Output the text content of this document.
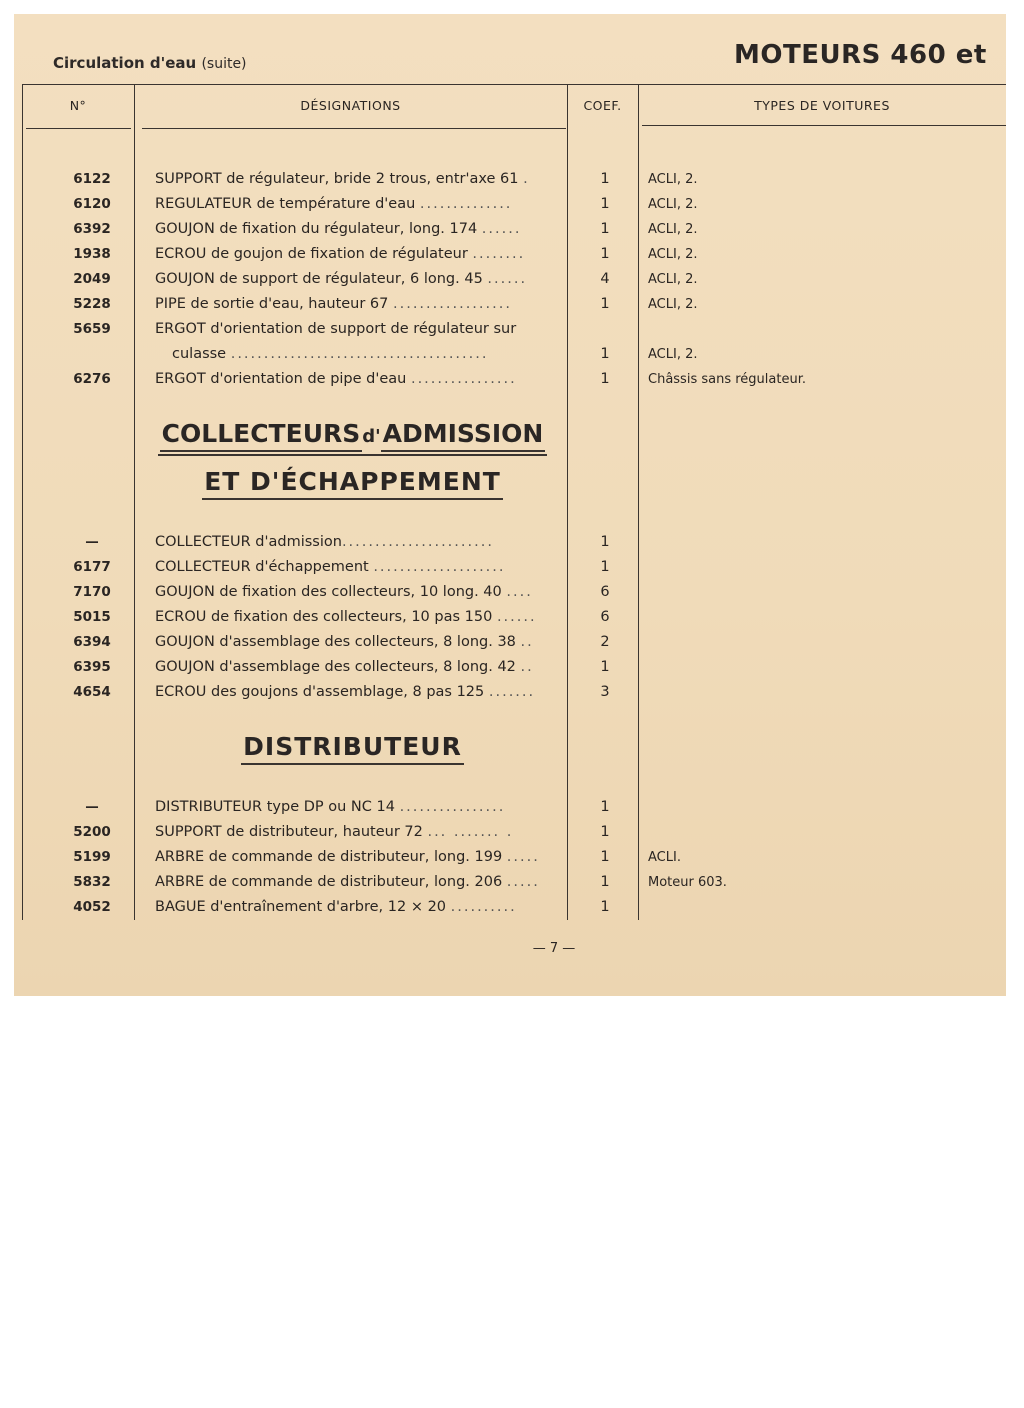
Circulation d'eau (suite)	MOTEURS 460 et
N°	DÉSIGNATIONS	COEF.	TYPES DE VOITURES
6122	SUPPORT de régulateur, bride 2 trous, entr'axe 61 .	1	ACLI, 2.
6120	REGULATEUR de température d'eau ..............	1	ACLI, 2.
6392	GOUJON de fixation du régulateur, long. 174 ......	1	ACLI, 2.
1938	ECROU de goujon de fixation de régulateur ........	1	ACLI, 2.
2049	GOUJON de support de régulateur, 6 long. 45 ......	4	ACLI, 2.
5228	PIPE de sortie d'eau, hauteur 67 ..................	1	ACLI, 2.
5659	ERGOT d'orientation de support de régulateur sur
culasse .......................................	1	ACLI, 2.
6276	ERGOT d'orientation de pipe d'eau ................	1	Châssis sans régulateur.
COLLECTEURSd'ADMISSION
ET D'ÉCHAPPEMENT
—	COLLECTEUR d'admission.......................	1
6177	COLLECTEUR d'échappement ....................	1
7170	GOUJON de fixation des collecteurs, 10 long. 40 ....	6
5015	ECROU de fixation des collecteurs, 10 pas 150 ......	6
6394	GOUJON d'assemblage des collecteurs, 8 long. 38 ..	2
6395	GOUJON d'assemblage des collecteurs, 8 long. 42 ..	1
4654	ECROU des goujons d'assemblage, 8 pas 125 .......	3
DISTRIBUTEUR
—	DISTRIBUTEUR type DP ou NC 14 ................	1
5200	SUPPORT de distributeur, hauteur 72 ... ....... .	1
5199	ARBRE de commande de distributeur, long. 199 .....	1	ACLI.
5832	ARBRE de commande de distributeur, long. 206 .....	1	Moteur 603.
4052	BAGUE d'entraînement d'arbre, 12 × 20 ..........	1
— 7 —
